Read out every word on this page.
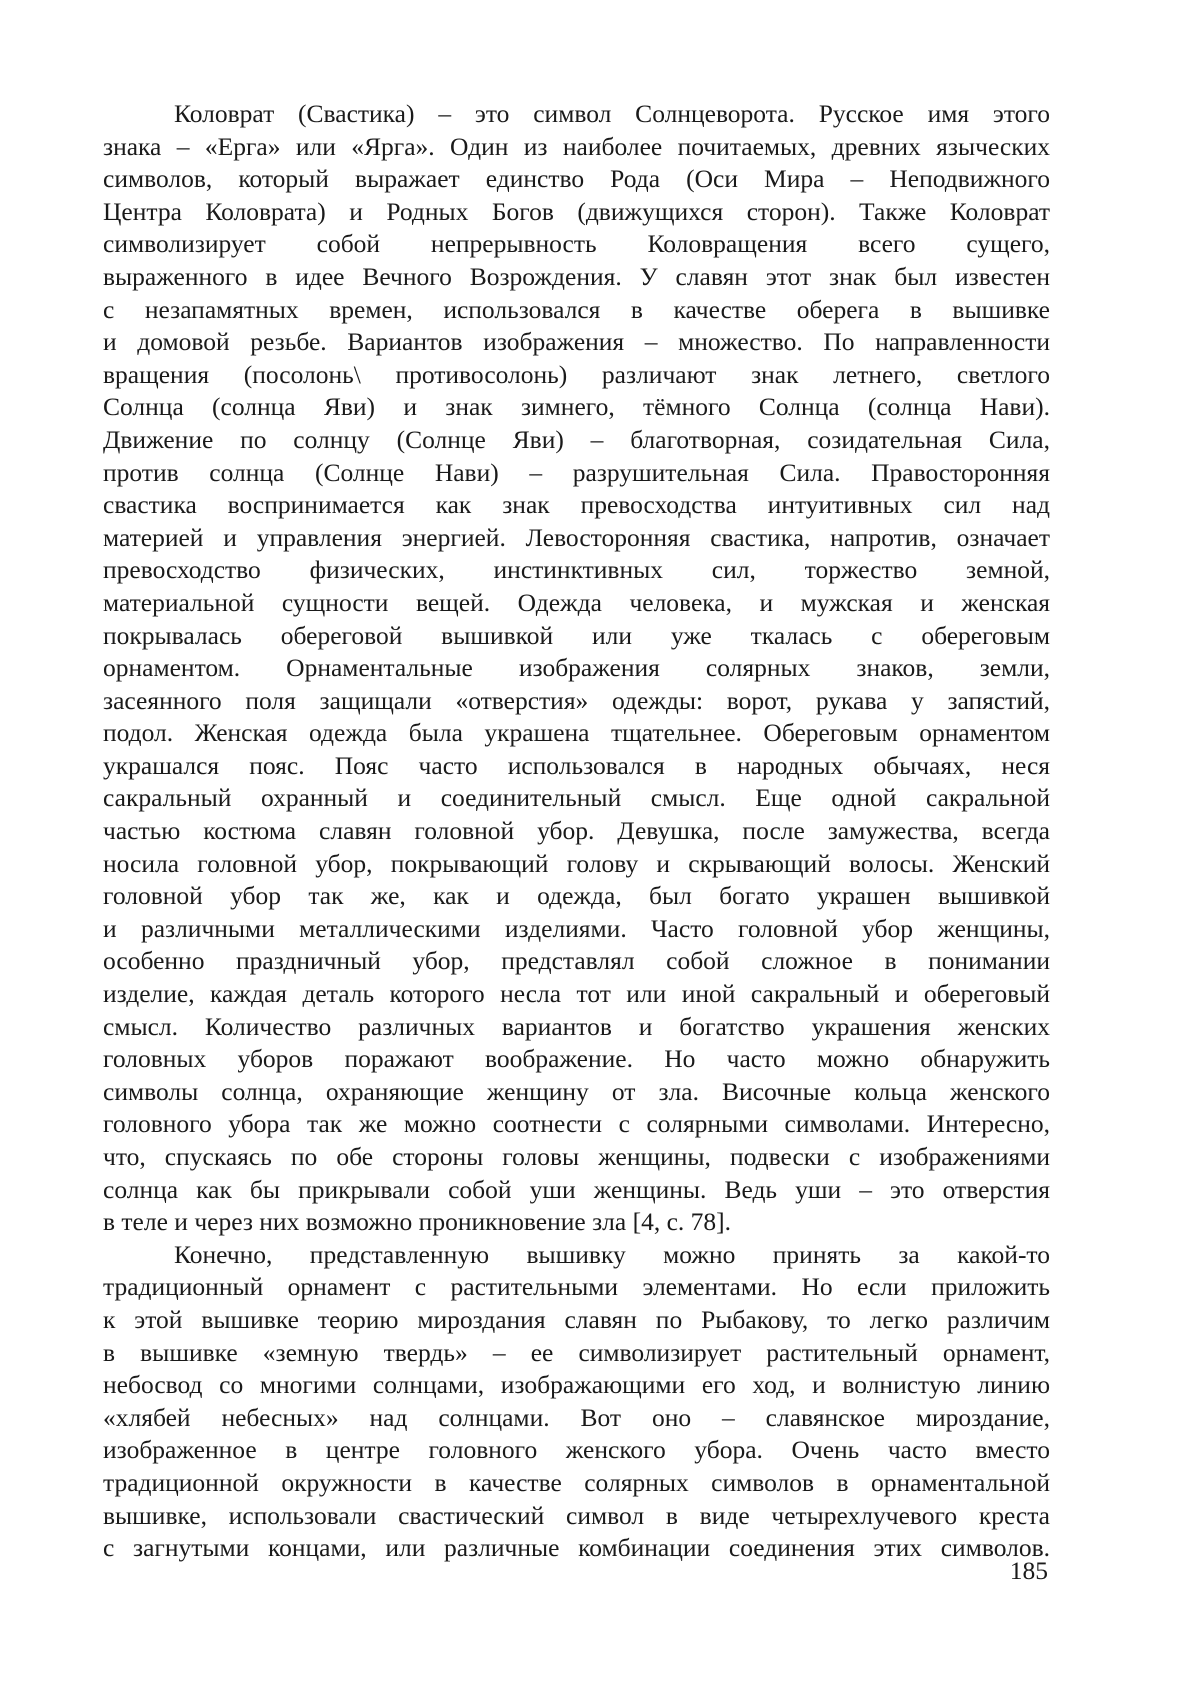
Коловрат (Свастика) – это символ Солнцеворота. Русское имя этого
знака – «Ерга» или «Ярга». Один из наиболее почитаемых, древних языческих
символов, который выражает единство Рода (Оси Мира – Неподвижного
Центра Коловрата) и Родных Богов (движущихся сторон). Также Коловрат
символизирует собой непрерывность Коловращения всего сущего,
выраженного в идее Вечного Возрождения. У славян этот знак был известен
с незапамятных времен, использовался в качестве оберега в вышивке
и домовой резьбе. Вариантов изображения – множество. По направленности
вращения (посолонь\ противосолонь) различают знак летнего, светлого
Солнца (солнца Яви) и знак зимнего, тёмного Солнца (солнца Нави).
Движение по солнцу (Солнце Яви) – благотворная, созидательная Сила,
против солнца (Солнце Нави) – разрушительная Сила. Правосторонняя
свастика воспринимается как знак превосходства интуитивных сил над
материей и управления энергией. Левосторонняя свастика, напротив, означает
превосходство физических, инстинктивных сил, торжество земной,
материальной сущности вещей. Одежда человека, и мужская и женская
покрывалась обереговой вышивкой или уже ткалась с обереговым
орнаментом. Орнаментальные изображения солярных знаков, земли,
засеянного поля защищали «отверстия» одежды: ворот, рукава у запястий,
подол. Женская одежда была украшена тщательнее. Обереговым орнаментом
украшался пояс. Пояс часто использовался в народных обычаях, неся
сакральный охранный и соединительный смысл. Еще одной сакральной
частью костюма славян головной убор. Девушка, после замужества, всегда
носила головной убор, покрывающий голову и скрывающий волосы. Женский
головной убор так же, как и одежда, был богато украшен вышивкой
и различными металлическими изделиями. Часто головной убор женщины,
особенно праздничный убор, представлял собой сложное в понимании
изделие, каждая деталь которого несла тот или иной сакральный и обереговый
смысл. Количество различных вариантов и богатство украшения женских
головных уборов поражают воображение. Но часто можно обнаружить
символы солнца, охраняющие женщину от зла. Височные кольца женского
головного убора так же можно соотнести с солярными символами. Интересно,
что, спускаясь по обе стороны головы женщины, подвески с изображениями
солнца как бы прикрывали собой уши женщины. Ведь уши – это отверстия
в теле и через них возможно проникновение зла [4, с. 78].
Конечно, представленную вышивку можно принять за какой-то
традиционный орнамент с растительными элементами. Но если приложить
к этой вышивке теорию мироздания славян по Рыбакову, то легко различим
в вышивке «земную твердь» – ее символизирует растительный орнамент,
небосвод со многими солнцами, изображающими его ход, и волнистую линию
«хлябей небесных» над солнцами. Вот оно – славянское мироздание,
изображенное в центре головного женского убора. Очень часто вместо
традиционной окружности в качестве солярных символов в орнаментальной
вышивке, использовали свастический символ в виде четырехлучевого креста
с загнутыми концами, или различные комбинации соединения этих символов.
185
